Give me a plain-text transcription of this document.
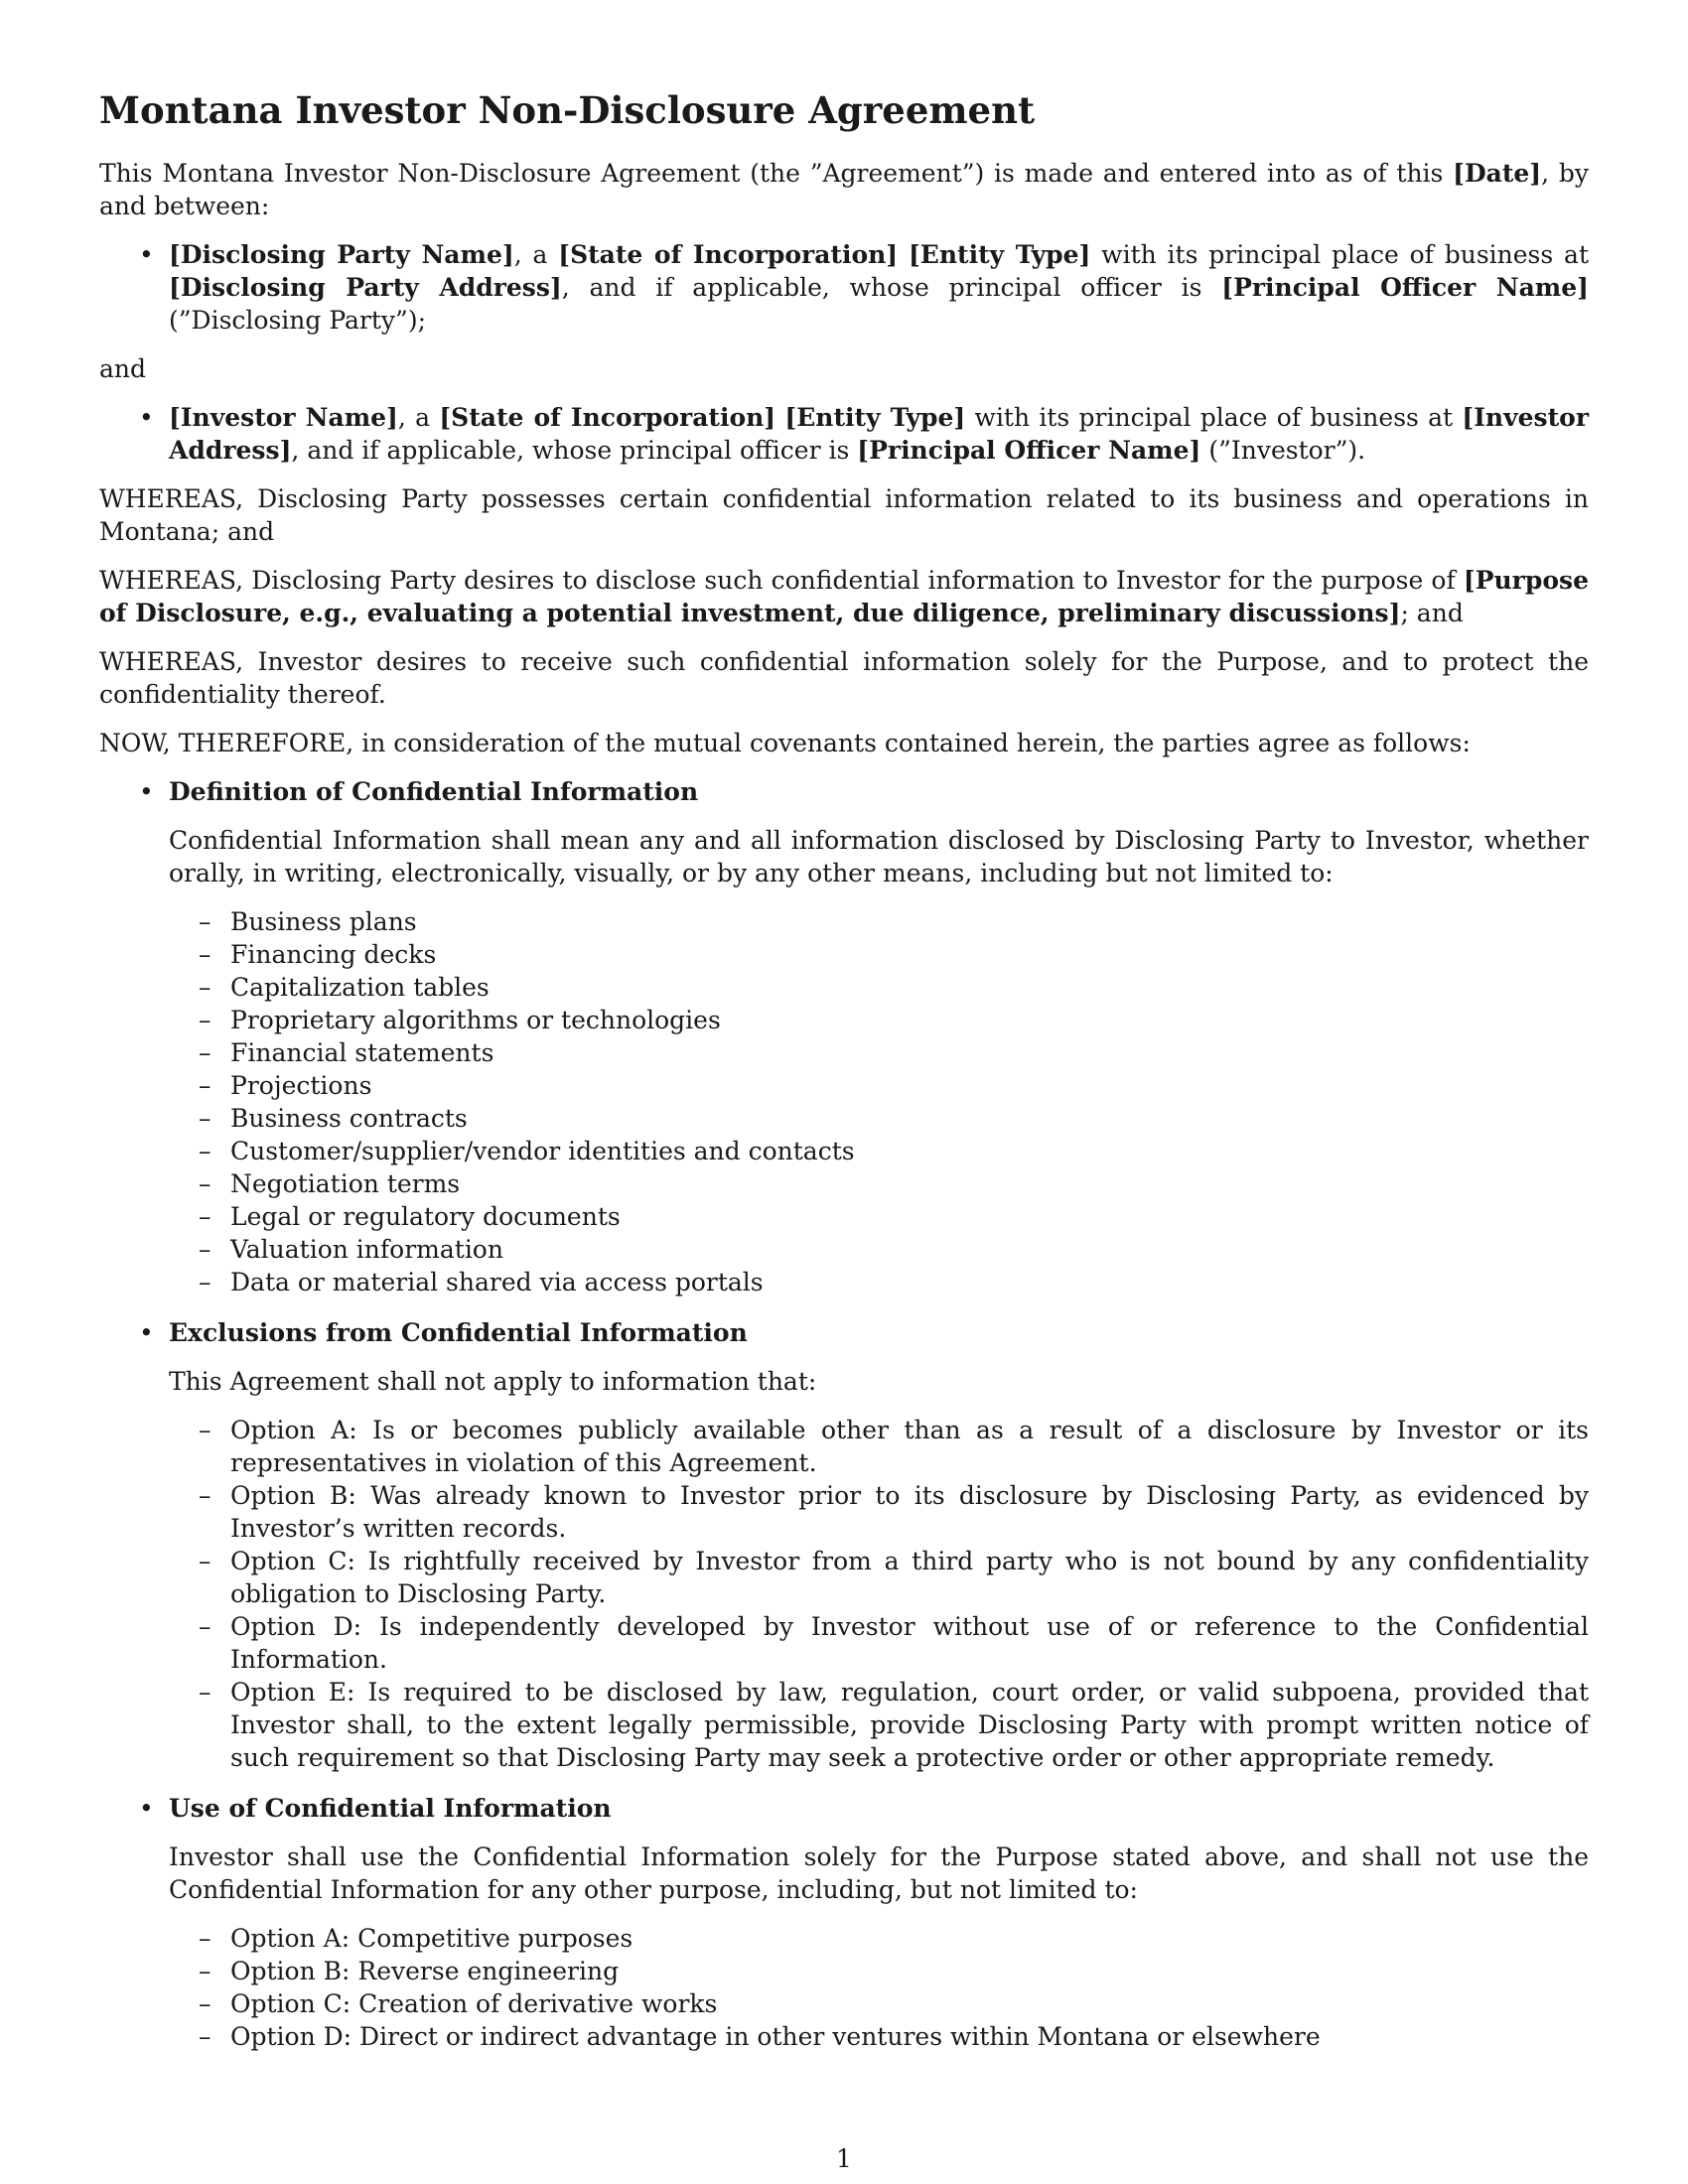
Montana Investor Non-Disclosure Agreement

This Montana Investor Non-Disclosure Agreement (the ”Agreement”) is made and entered into as of this [Date], by and between:

• [Disclosing Party Name], a [State of Incorporation] [Entity Type] with its principal place of business at [Disclosing Party Address], and if applicable, whose principal officer is [Principal Officer Name] (”Disclosing Party”);

and

• [Investor Name], a [State of Incorporation] [Entity Type] with its principal place of business at [Investor Address], and if applicable, whose principal officer is [Principal Officer Name] (”Investor”).

WHEREAS, Disclosing Party possesses certain confidential information related to its business and operations in Montana; and

WHEREAS, Disclosing Party desires to disclose such confidential information to Investor for the purpose of [Purpose of Disclosure, e.g., evaluating a potential investment, due diligence, preliminary discussions]; and

WHEREAS, Investor desires to receive such confidential information solely for the Purpose, and to protect the confidentiality thereof.

NOW, THEREFORE, in consideration of the mutual covenants contained herein, the parties agree as follows:

• Definition of Confidential Information

Confidential Information shall mean any and all information disclosed by Disclosing Party to Investor, whether orally, in writing, electronically, visually, or by any other means, including but not limited to:

– Business plans
– Financing decks
– Capitalization tables
– Proprietary algorithms or technologies
– Financial statements
– Projections
– Business contracts
– Customer/supplier/vendor identities and contacts
– Negotiation terms
– Legal or regulatory documents
– Valuation information
– Data or material shared via access portals
• Exclusions from Confidential Information

This Agreement shall not apply to information that:

– Option A: Is or becomes publicly available other than as a result of a disclosure by Investor or its representatives in violation of this Agreement.
– Option B: Was already known to Investor prior to its disclosure by Disclosing Party, as evidenced by Investor’s written records.
– Option C: Is rightfully received by Investor from a third party who is not bound by any confidentiality obligation to Disclosing Party.
– Option D: Is independently developed by Investor without use of or reference to the Confidential Information.
– Option E: Is required to be disclosed by law, regulation, court order, or valid subpoena, provided that Investor shall, to the extent legally permissible, provide Disclosing Party with prompt written notice of such requirement so that Disclosing Party may seek a protective order or other appropriate remedy.
• Use of Confidential Information

Investor shall use the Confidential Information solely for the Purpose stated above, and shall not use the Confidential Information for any other purpose, including, but not limited to:

– Option A: Competitive purposes
– Option B: Reverse engineering
– Option C: Creation of derivative works
– Option D: Direct or indirect advantage in other ventures within Montana or elsewhere
1
